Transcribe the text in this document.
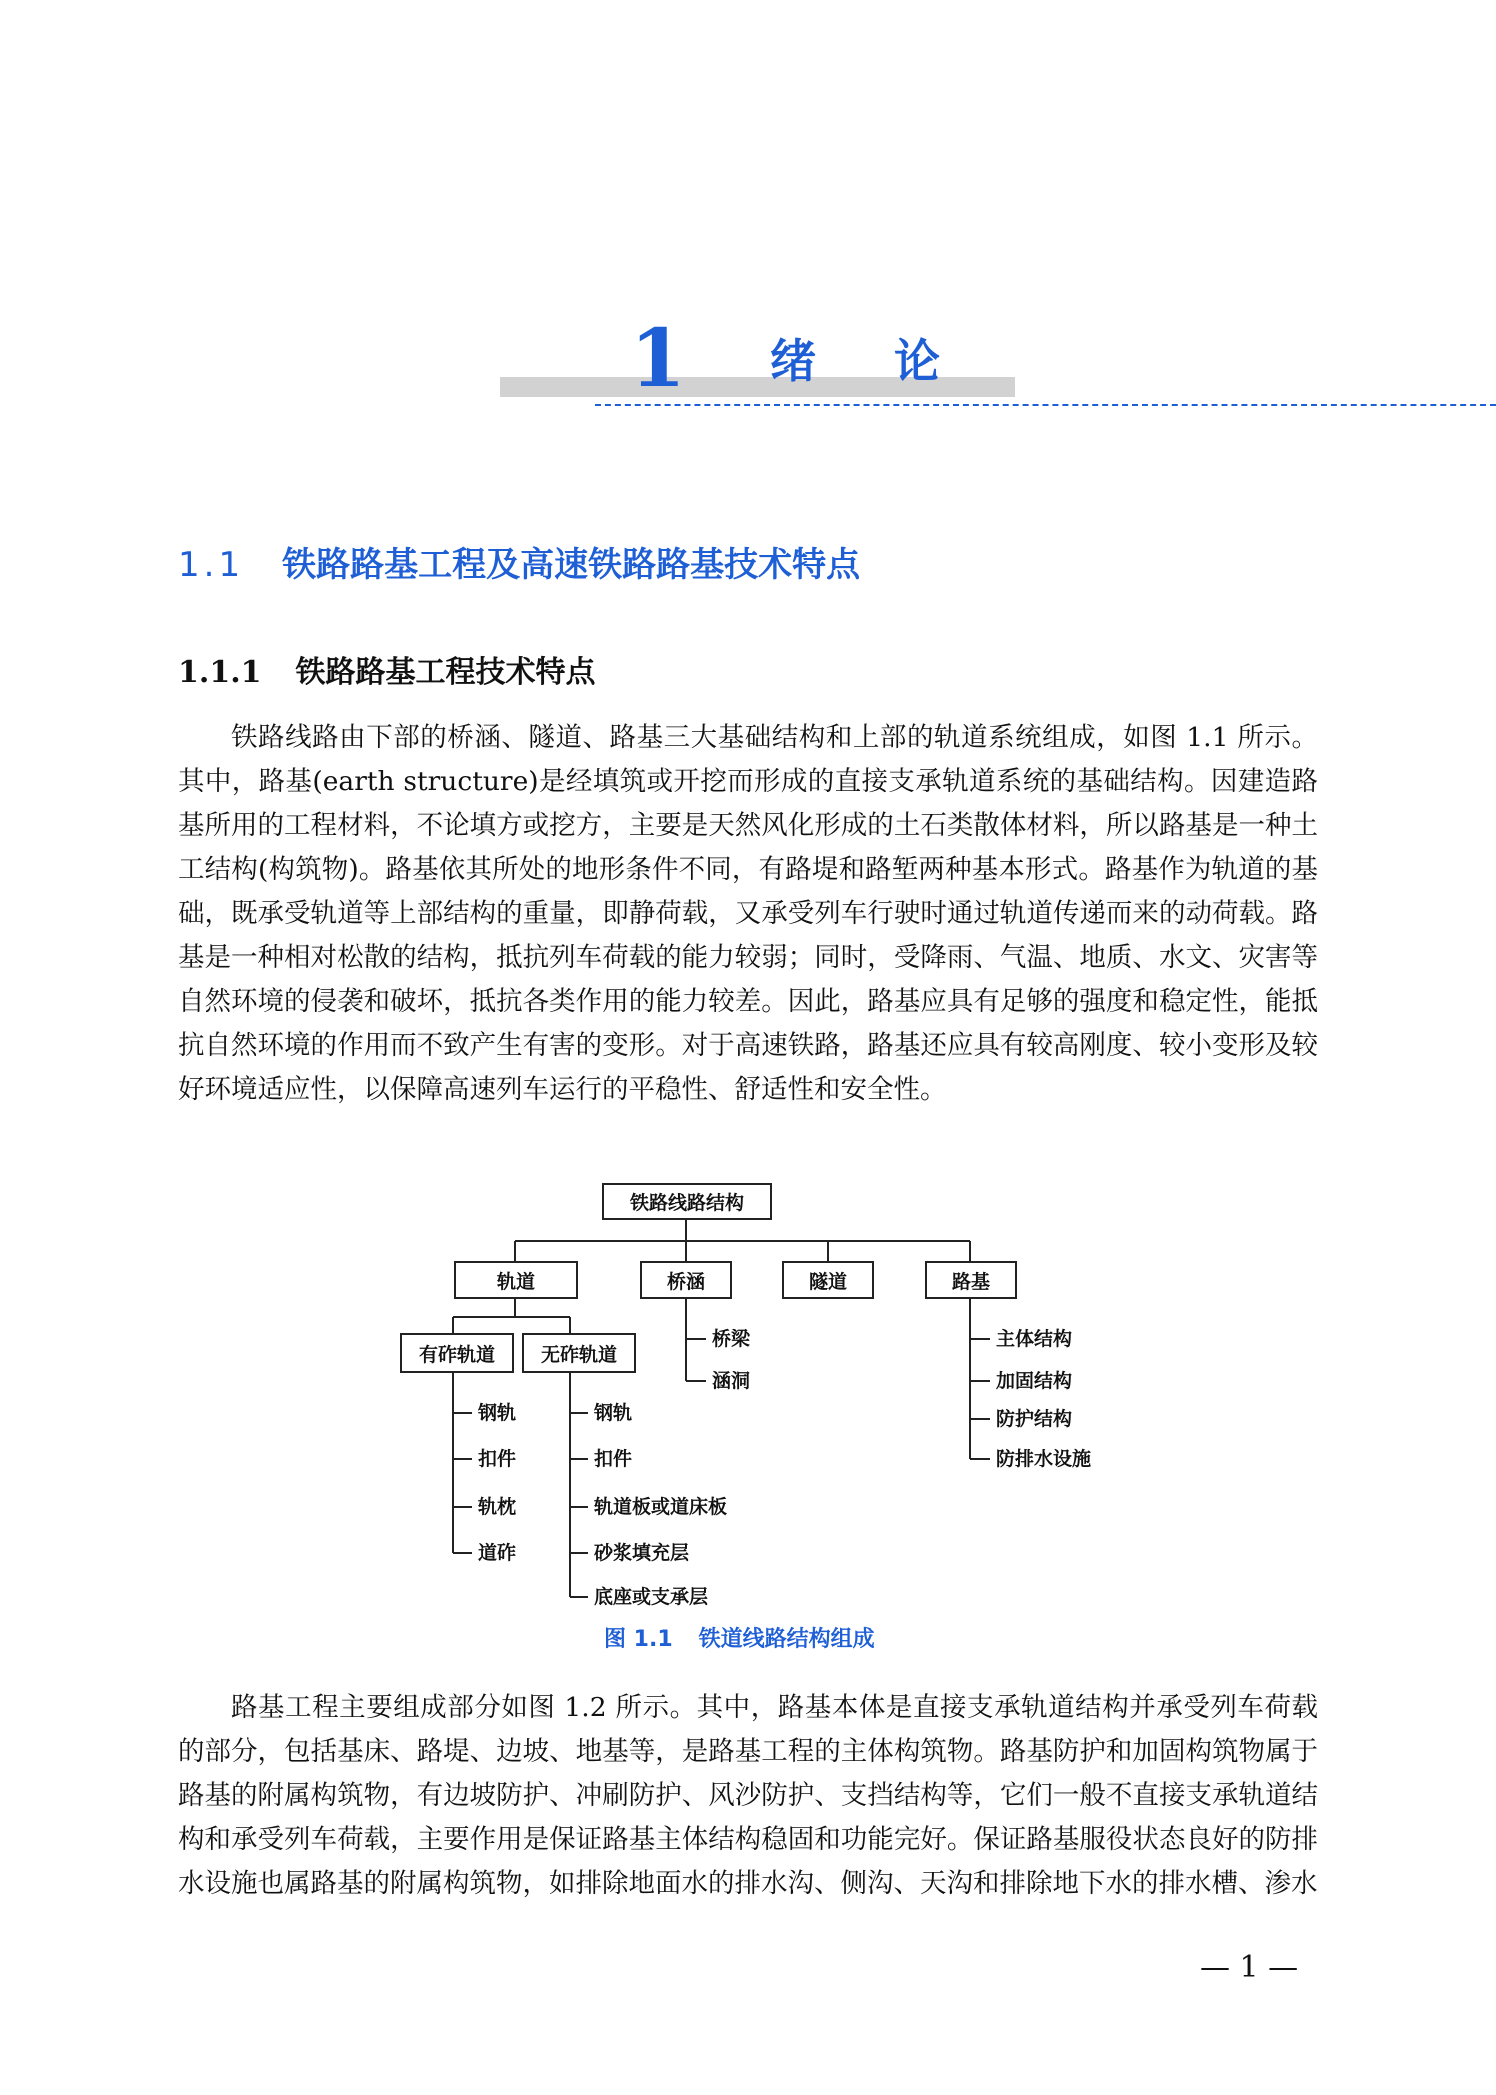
1 绪论
1.1 铁路路基工程及高速铁路路基技术特点
1.1.1 铁路路基工程技术特点
铁路线路由下部的桥涵、隧道、路基三大基础结构和上部的轨道系统组成，如图 1.1 所示。其中，路基(earth structure)是经填筑或开挖而形成的直接支承轨道系统的基础结构。因建造路基所用的工程材料，不论填方或挖方，主要是天然风化形成的土石类散体材料，所以路基是一种土工结构(构筑物)。路基依其所处的地形条件不同，有路堤和路堑两种基本形式。路基作为轨道的基础，既承受轨道等上部结构的重量，即静荷载，又承受列车行驶时通过轨道传递而来的动荷载。路基是一种相对松散的结构，抵抗列车荷载的能力较弱；同时，受降雨、气温、地质、水文、灾害等自然环境的侵袭和破坏，抵抗各类作用的能力较差。因此，路基应具有足够的强度和稳定性，能抵抗自然环境的作用而不致产生有害的变形。对于高速铁路，路基还应具有较高刚度、较小变形及较好环境适应性，以保障高速列车运行的平稳性、舒适性和安全性。
铁路线路结构
轨道	桥涵	隧道	路基
有砟轨道	无砟轨道
钢轨
扣件
轨枕
道砟
钢轨
扣件
轨道板或道床板
砂浆填充层
底座或支承层
桥梁
涵洞
主体结构
加固结构
防护结构
防排水设施
图 1.1 铁道线路结构组成
路基工程主要组成部分如图 1.2 所示。其中，路基本体是直接支承轨道结构并承受列车荷载的部分，包括基床、路堤、边坡、地基等，是路基工程的主体构筑物。路基防护和加固构筑物属于路基的附属构筑物，有边坡防护、冲刷防护、风沙防护、支挡结构等，它们一般不直接支承轨道结构和承受列车荷载，主要作用是保证路基主体结构稳固和功能完好。保证路基服役状态良好的防排水设施也属路基的附属构筑物，如排除地面水的排水沟、侧沟、天沟和排除地下水的排水槽、渗水
— 1 —
